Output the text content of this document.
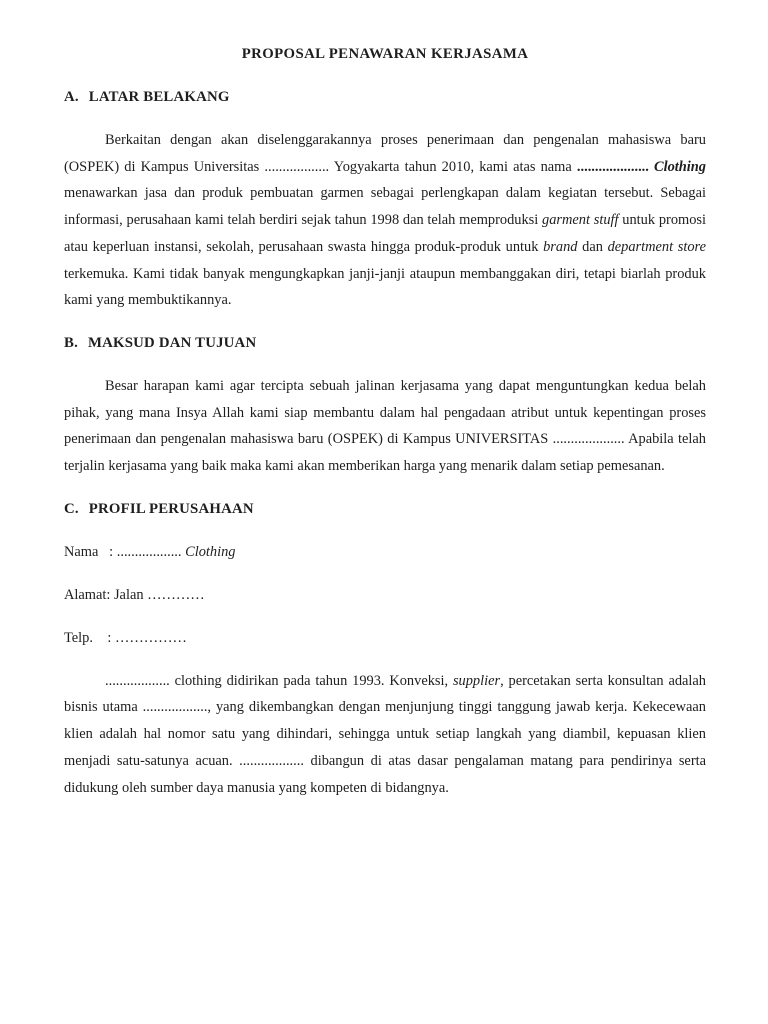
PROPOSAL PENAWARAN KERJASAMA
A. LATAR BELAKANG

Berkaitan dengan akan diselenggarakannya proses penerimaan dan pengenalan mahasiswa baru (OSPEK) di Kampus Universitas .................. Yogyakarta tahun 2010, kami atas nama .................... Clothing menawarkan jasa dan produk pembuatan garmen sebagai perlengkapan dalam kegiatan tersebut. Sebagai informasi, perusahaan kami telah berdiri sejak tahun 1998 dan telah memproduksi garment stuff untuk promosi atau keperluan instansi, sekolah, perusahaan swasta hingga produk-produk untuk brand dan department store terkemuka. Kami tidak banyak mengungkapkan janji-janji ataupun membanggakan diri, tetapi biarlah produk kami yang membuktikannya.

B. MAKSUD DAN TUJUAN

Besar harapan kami agar tercipta sebuah jalinan kerjasama yang dapat menguntungkan kedua belah pihak, yang mana Insya Allah kami siap membantu dalam hal pengadaan atribut untuk kepentingan proses penerimaan dan pengenalan mahasiswa baru (OSPEK) di Kampus UNIVERSITAS .................... Apabila telah terjalin kerjasama yang baik maka kami akan memberikan harga yang menarik dalam setiap pemesanan.

C. PROFIL PERUSAHAAN

Nama   : .................. Clothing

Alamat: Jalan …………

Telp.    : ……………

.................. clothing didirikan pada tahun 1993. Konveksi, supplier, percetakan serta konsultan adalah bisnis utama .................., yang dikembangkan dengan menjunjung tinggi tanggung jawab kerja. Kekecewaan klien adalah hal nomor satu yang dihindari, sehingga untuk setiap langkah yang diambil, kepuasan klien menjadi satu-satunya acuan. .................. dibangun di atas dasar pengalaman matang para pendirinya serta didukung oleh sumber daya manusia yang kompeten di bidangnya.
